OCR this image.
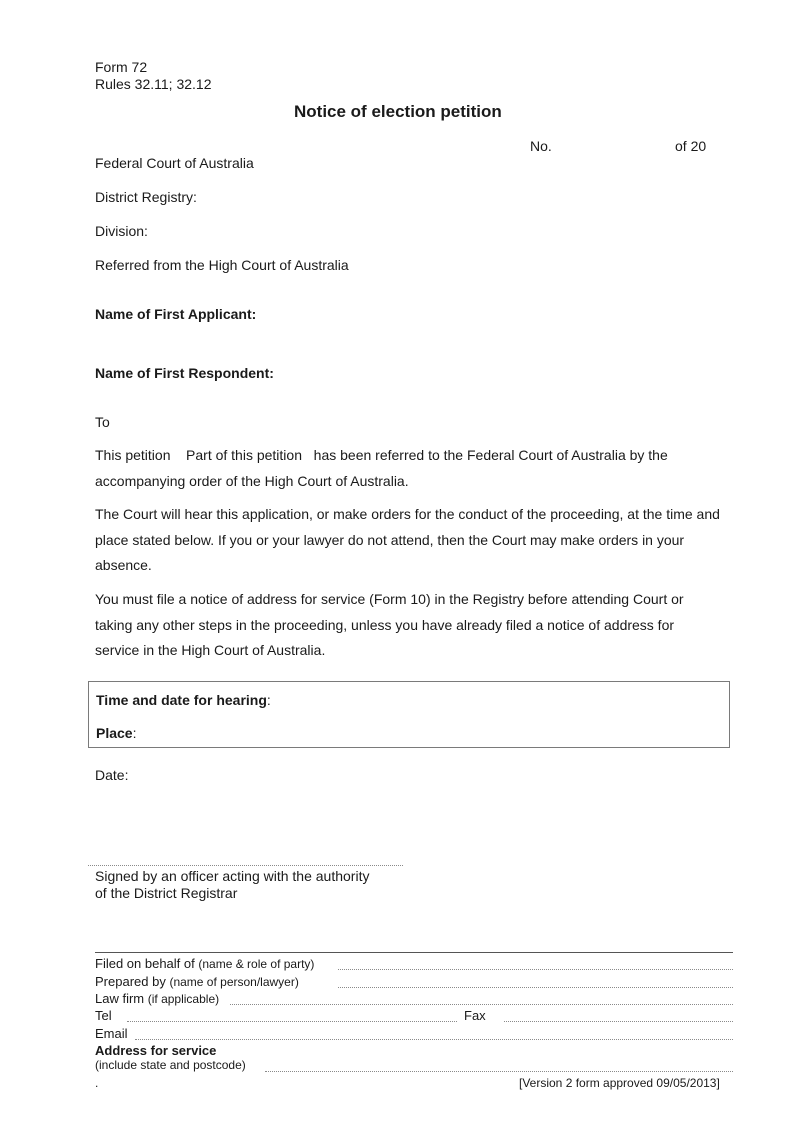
Form 72
Rules 32.11; 32.12
Notice of election petition
No.	of 20
Federal Court of Australia
District Registry:
Division:
Referred from the High Court of Australia
Name of First Applicant:
Name of First Respondent:
To
This petition    Part of this petition   has been referred to the Federal Court of Australia by the accompanying order of the High Court of Australia.
The Court will hear this application, or make orders for the conduct of the proceeding, at the time and place stated below. If you or your lawyer do not attend, then the Court may make orders in your absence.
You must file a notice of address for service (Form 10) in the Registry before attending Court or taking any other steps in the proceeding, unless you have already filed a notice of address for service in the High Court of Australia.
Time and date for hearing:
Place:
Date:
Signed by an officer acting with the authority
of the District Registrar
Filed on behalf of (name & role of party)
Prepared by (name of person/lawyer)
Law firm (if applicable)
Tel	Fax
Email
Address for service
(include state and postcode)
.	[Version 2 form approved 09/05/2013]
